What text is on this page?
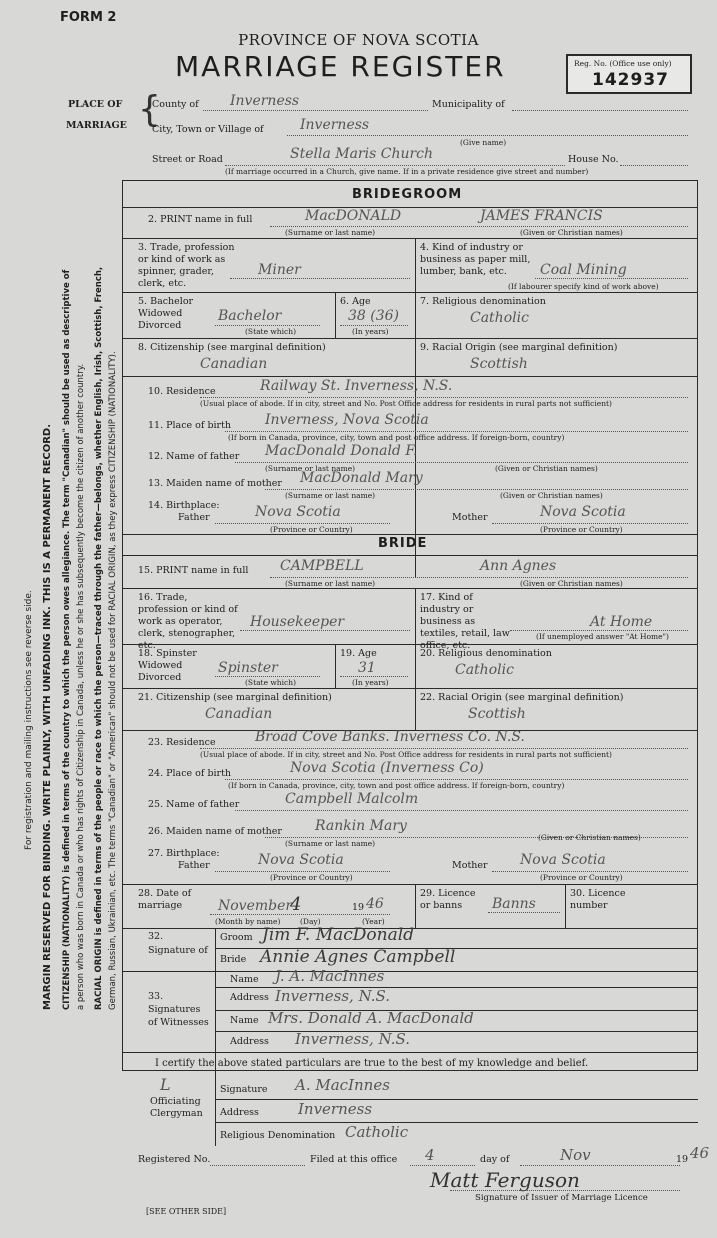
FORM 2
PROVINCE OF NOVA SCOTIA
MARRIAGE REGISTER	Reg. No. (Office use only)
142937
PLACE OF
MARRIAGE {
County of Inverness	Municipality of
City, Town or Village of	Inverness
(Give name)
Street or Road	Stella Maris Church	House No.
(If marriage occurred in a Church, give name. If in a private residence give street and number)
For registration and mailing instructions see reverse side. MARGIN RESERVED FOR BINDING. WRITE PLAINLY, WITH UNFADING INK. THIS IS A PERMANENT RECORD. CITIZENSHIP (NATIONALITY) is defined in terms of the country to which the person owes allegiance. The term "Canadian" should be used as descriptive of a person who was born in Canada or who has rights of Citizenship in Canada, unless he or she has subsequently become the citizen of another country. RACIAL ORIGIN is defined in terms of the people or race to which the person—traced through the father—belongs, whether English, Irish, Scottish, French, German, Russian, Ukrainian, etc. The terms "Canadian" or "American" should not be used for RACIAL ORIGIN, as they express CITIZENSHIP (NATIONALITY).
BRIDEGROOM
2. PRINT name in full	MacDONALD	JAMES FRANCIS
(Surname or last name)	(Given or Christian names)
3. Trade, profession or kind of work as spinner, grader, clerk, etc.
Miner
4. Kind of industry or business as paper mill, lumber, bank, etc.	Coal Mining
(If labourer specify kind of work above)
5. Bachelor Widowed Divorced
Bachelor
(State which)
6. Age
38 (36)
(In years)
7. Religious denomination
Catholic
8. Citizenship (see marginal definition)
Canadian
9. Racial Origin (see marginal definition)
Scottish
10. Residence	Railway St. Inverness, N.S.
(Usual place of abode. If in city, street and No. Post Office address for residents in rural parts not sufficient)
11. Place of birth Inverness, Nova Scotia
(If born in Canada, province, city, town and post office address. If foreign-born, country)
12. Name of father MacDonald Donald F.
(Surname or last name)	(Given or Christian names)
13. Maiden name of mother MacDonald Mary
(Surname or last name)	(Given or Christian names)
14. Birthplace:
Father	Nova Scotia
(Province or Country)
Mother	Nova Scotia
(Province or Country)
BRIDE
15. PRINT name in full CAMPBELL	Ann Agnes
(Surname or last name)	(Given or Christian names)
16. Trade, profession or kind of work as operator, clerk, stenographer, etc.
Housekeeper
17. Kind of industry or business as textiles, retail, law office, etc.
At Home
(If unemployed answer "At Home")
18. Spinster Widowed Divorced
Spinster
(State which)
19. Age
31
(In years)
20. Religious denomination
Catholic
21. Citizenship (see marginal definition)
Canadian
22. Racial Origin (see marginal definition)
Scottish
23. Residence	Broad Cove Banks. Inverness Co. N.S.
(Usual place of abode. If in city, street and No. Post Office address for residents in rural parts not sufficient)
24. Place of birth	Nova Scotia (Inverness Co)
(If born in Canada, province, city, town and post office address. If foreign-born, country)
25. Name of father	Campbell Malcolm
26. Maiden name of mother Rankin Mary
(Surname or last name)
(Given or Christian names)
27. Birthplace:
Father	Nova Scotia
(Province or Country)
Mother Nova Scotia
(Province or Country)
28. Date of marriage	November
4	19 46
(Month by name)	(Day)	(Year)
29. Licence or banns	Banns
30. Licence number
32. Signature of
Groom Jim F. MacDonald
Bride Annie Agnes Campbell
33. Signatures of Witnesses
Name J. A. MacInnes
Address Inverness, N.S.
Name Mrs. Donald A. MacDonald
Address Inverness, N.S.
I certify the above stated particulars are true to the best of my knowledge and belief.
L
Officiating Clergyman
Signature A. MacInnes
Address	Inverness
Religious Denomination Catholic
Registered No.	Filed at this office 4	day of	Nov	19 46
Matt Ferguson
Signature of Issuer of Marriage Licence
[SEE OTHER SIDE]
